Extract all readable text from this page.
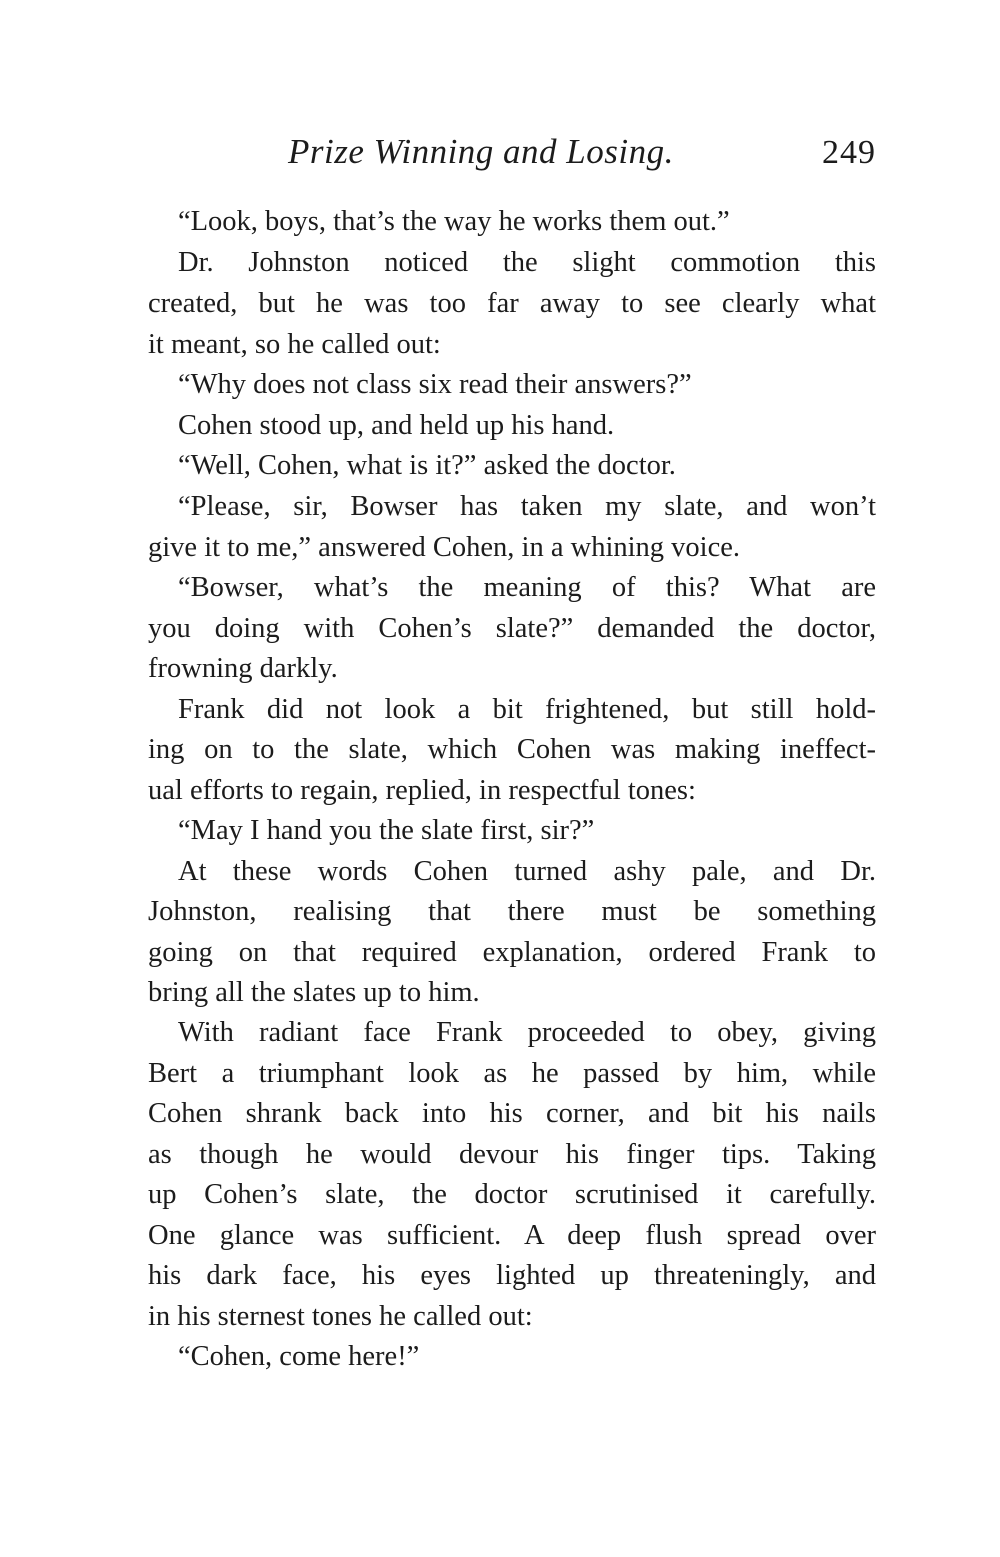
Prize Winning and Losing.	249
“Look, boys, that’s the way he works them out.”
Dr. Johnston noticed the slight commotion this
created, but he was too far away to see clearly what
it meant, so he called out:
“Why does not class six read their answers?”
Cohen stood up, and held up his hand.
“Well, Cohen, what is it?” asked the doctor.
“Please, sir, Bowser has taken my slate, and won’t
give it to me,” answered Cohen, in a whining voice.
“Bowser, what’s the meaning of this? What are
you doing with Cohen’s slate?” demanded the doctor,
frowning darkly.
Frank did not look a bit frightened, but still hold-
ing on to the slate, which Cohen was making ineffect-
ual efforts to regain, replied, in respectful tones:
“May I hand you the slate first, sir?”
At these words Cohen turned ashy pale, and Dr.
Johnston, realising that there must be something
going on that required explanation, ordered Frank to
bring all the slates up to him.
With radiant face Frank proceeded to obey, giving
Bert a triumphant look as he passed by him, while
Cohen shrank back into his corner, and bit his nails
as though he would devour his finger tips. Taking
up Cohen’s slate, the doctor scrutinised it carefully.
One glance was sufficient. A deep flush spread over
his dark face, his eyes lighted up threateningly, and
in his sternest tones he called out:
“Cohen, come here!”
